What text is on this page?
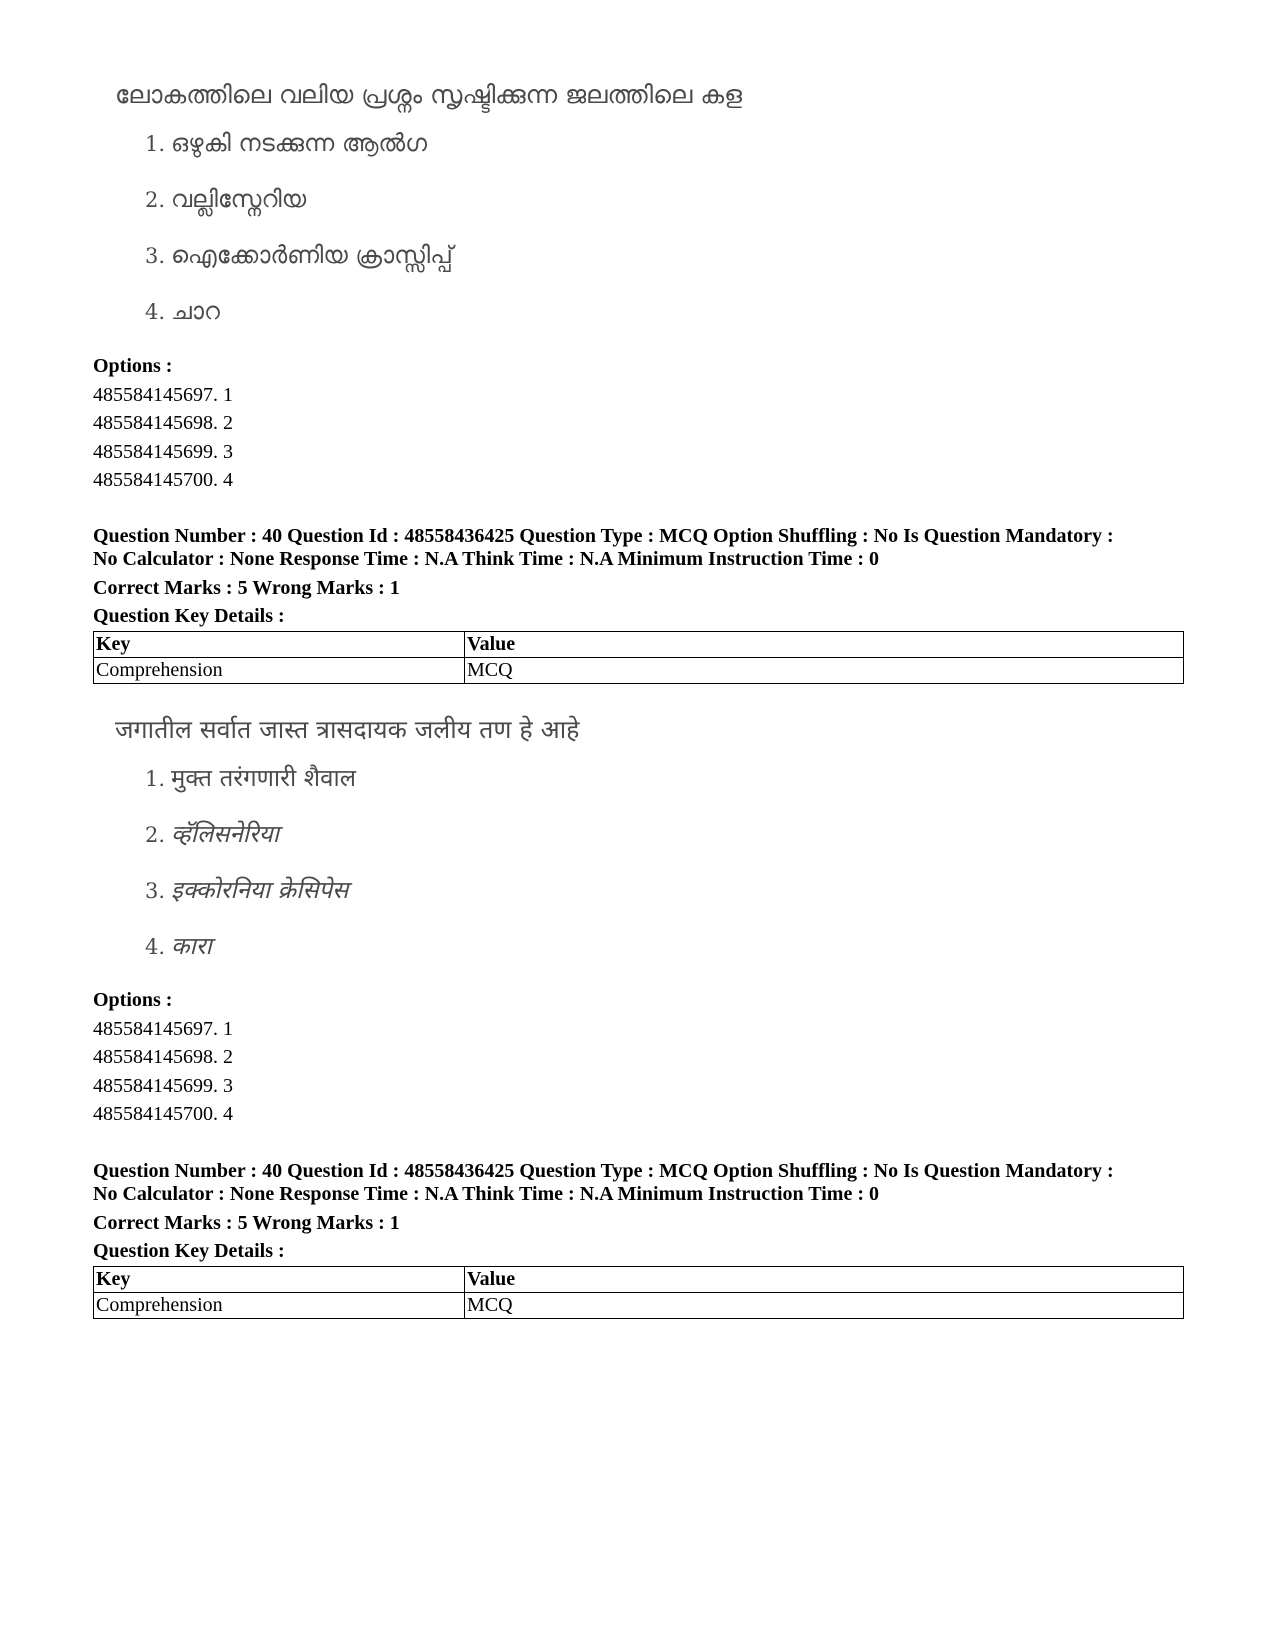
ലോകത്തിലെ വലിയ പ്രശ്നം സൃഷ്ടിക്കുന്ന ജലത്തിലെ കള
1. ഒഴുകി നടക്കുന്ന ആൽഗ
2. വല്ലിസ്നേറിയ
3. ഐക്കോർണിയ ക്രാസ്സിപ്പ്
4. ചാറ
Options :
485584145697. 1
485584145698. 2
485584145699. 3
485584145700. 4
Question Number : 40 Question Id : 48558436425 Question Type : MCQ Option Shuffling : No Is Question Mandatory :
No Calculator : None Response Time : N.A Think Time : N.A Minimum Instruction Time : 0
Correct Marks : 5 Wrong Marks : 1
Question Key Details :
Key	Value
Comprehension	MCQ
जगातील सर्वात जास्त त्रासदायक जलीय तण हे आहे
1. मुक्त तरंगणारी शैवाल
2. व्हॅलिसनेरिया
3. इक्कोरनिया क्रेसिपेस
4. कारा
Options :
485584145697. 1
485584145698. 2
485584145699. 3
485584145700. 4
Question Number : 40 Question Id : 48558436425 Question Type : MCQ Option Shuffling : No Is Question Mandatory :
No Calculator : None Response Time : N.A Think Time : N.A Minimum Instruction Time : 0
Correct Marks : 5 Wrong Marks : 1
Question Key Details :
Key	Value
Comprehension	MCQ
